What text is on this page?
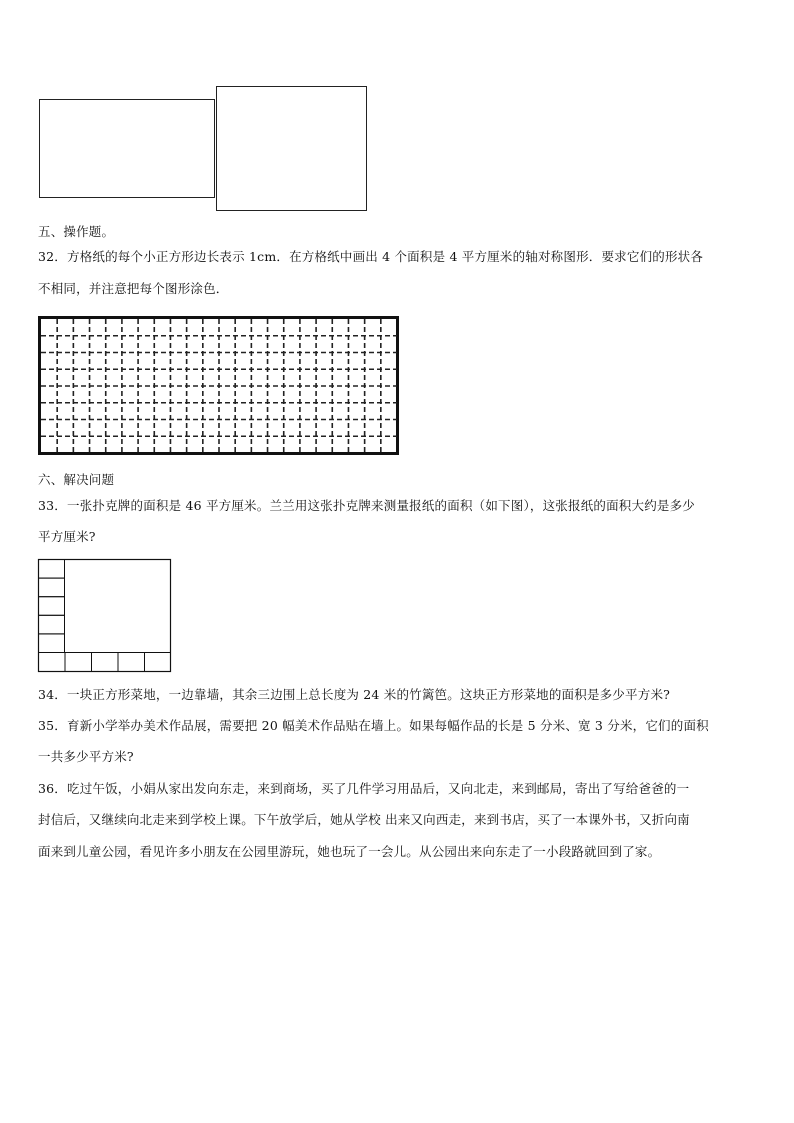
五、操作题。
32．方格纸的每个小正方形边长表示 1cm．在方格纸中画出 4 个面积是 4 平方厘米的轴对称图形．要求它们的形状各
不相同，并注意把每个图形涂色．
六、解决问题
33．一张扑克牌的面积是 46 平方厘米。兰兰用这张扑克牌来测量报纸的面积（如下图），这张报纸的面积大约是多少
平方厘米?
34．一块正方形菜地，一边靠墙，其余三边围上总长度为 24 米的竹篱笆。这块正方形菜地的面积是多少平方米?
35．育新小学举办美术作品展，需要把 20 幅美术作品贴在墙上。如果每幅作品的长是 5 分米、宽 3 分米，它们的面积
一共多少平方米?
36．吃过午饭，小娟从家出发向东走，来到商场，买了几件学习用品后，又向北走，来到邮局，寄出了写给爸爸的一
封信后，又继续向北走来到学校上课。下午放学后，她从学校 出来又向西走，来到书店，买了一本课外书，又折向南
面来到儿童公园，看见许多小朋友在公园里游玩，她也玩了一会儿。从公园出来向东走了一小段路就回到了家。
